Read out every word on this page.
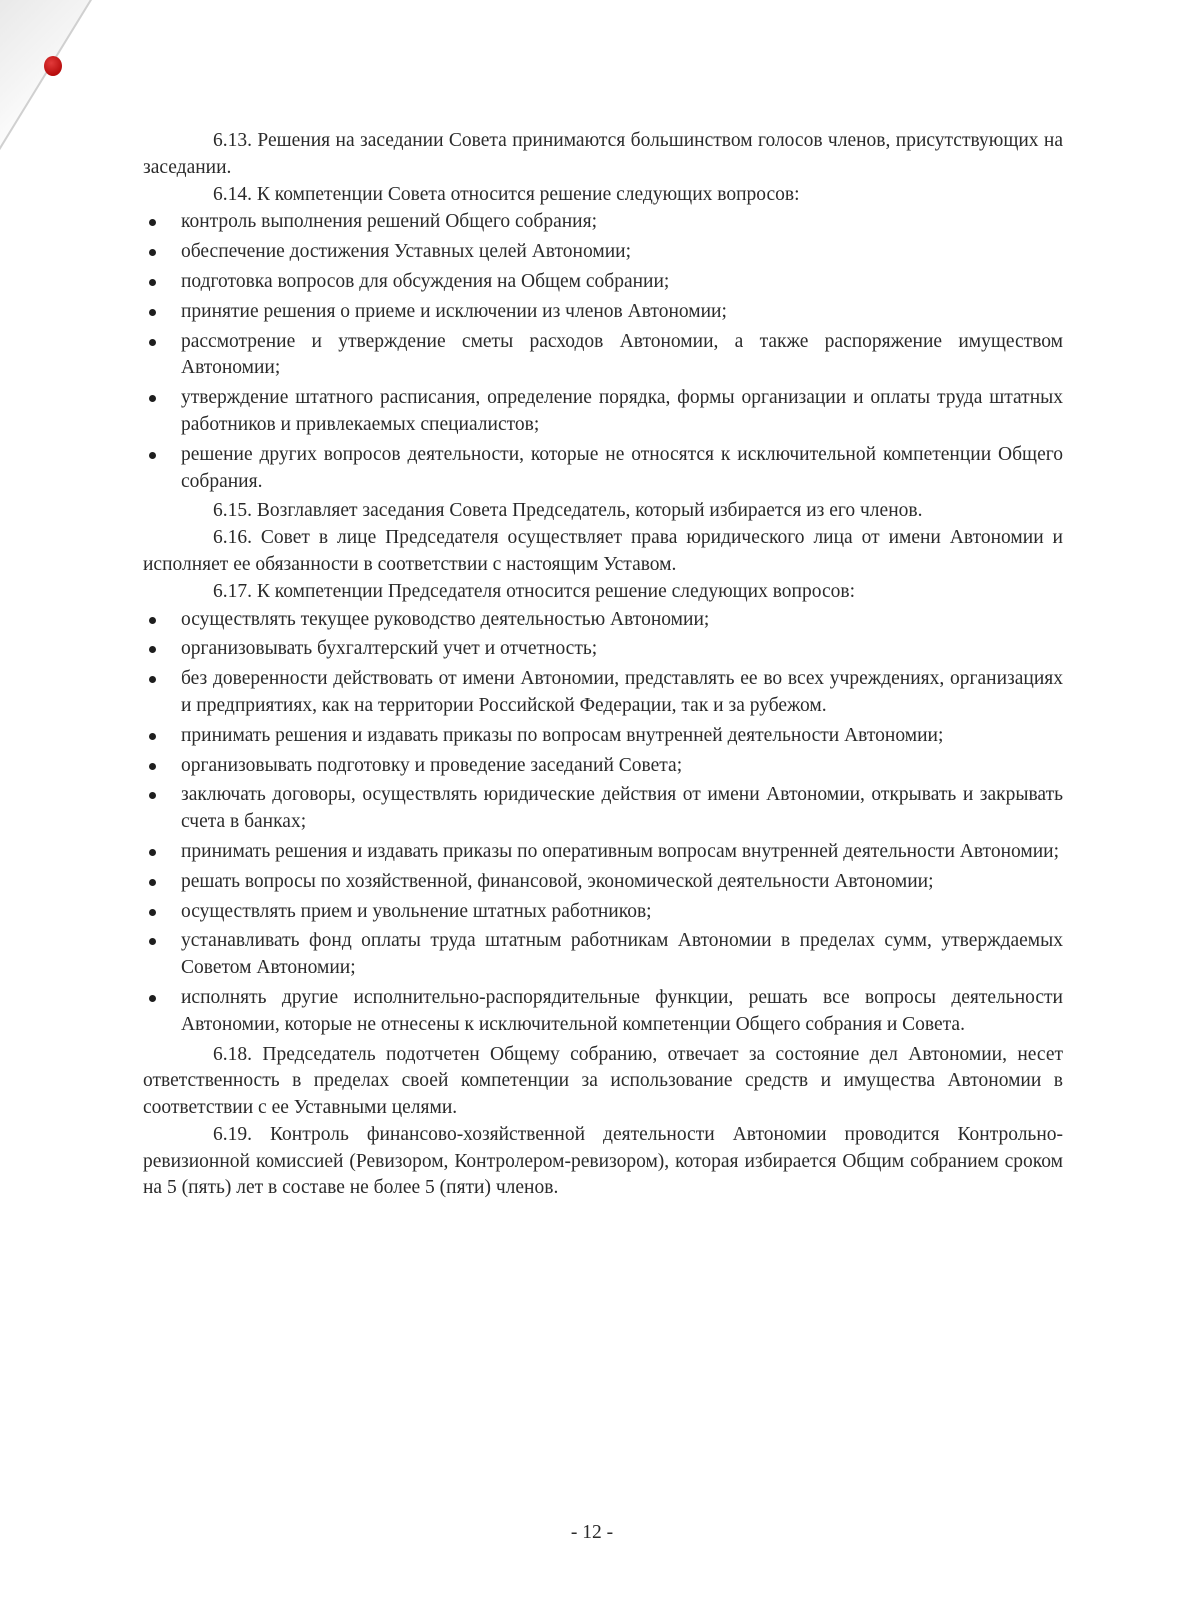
6.13. Решения на заседании Совета принимаются большинством голосов членов, присутствующих на заседании.

6.14. К компетенции Совета относится решение следующих вопросов:

контроль выполнения решений Общего собрания;
обеспечение достижения Уставных целей Автономии;
подготовка вопросов для обсуждения на Общем собрании;
принятие решения о приеме и исключении из членов Автономии;
рассмотрение и утверждение сметы расходов Автономии, а также распоряжение имуществом Автономии;
утверждение штатного расписания, определение порядка, формы организации и оплаты труда штатных работников и привлекаемых специалистов;
решение других вопросов деятельности, которые не относятся к исключительной компетенции Общего собрания.

6.15. Возглавляет заседания Совета Председатель, который избирается из его членов.

6.16. Совет в лице Председателя осуществляет права юридического лица от имени Автономии и исполняет ее обязанности в соответствии с настоящим Уставом.

6.17. К компетенции Председателя относится решение следующих вопросов:

осуществлять текущее руководство деятельностью Автономии;
организовывать бухгалтерский учет и отчетность;
без доверенности действовать от имени Автономии, представлять ее во всех учреждениях, организациях и предприятиях, как на территории Российской Федерации, так и за рубежом.
принимать решения и издавать приказы по вопросам внутренней деятельности Автономии;
организовывать подготовку и проведение заседаний Совета;
заключать договоры, осуществлять юридические действия от имени Автономии, открывать и закрывать счета в банках;
принимать решения и издавать приказы по оперативным вопросам внутренней деятельности Автономии;
решать вопросы по хозяйственной, финансовой, экономической деятельности Автономии;
осуществлять прием и увольнение штатных работников;
устанавливать фонд оплаты труда штатным работникам Автономии в пределах сумм, утверждаемых Советом Автономии;
исполнять другие исполнительно-распорядительные функции, решать все вопросы деятельности Автономии, которые не отнесены к исключительной компетенции Общего собрания и Совета.

6.18. Председатель подотчетен Общему собранию, отвечает за состояние дел Автономии, несет ответственность в пределах своей компетенции за использование средств и имущества Автономии в соответствии с ее Уставными целями.

6.19. Контроль финансово-хозяйственной деятельности Автономии проводится Контрольно-ревизионной комиссией (Ревизором, Контролером-ревизором), которая избирается Общим собранием сроком на 5 (пять) лет в составе не более 5 (пяти) членов.

- 12 -
